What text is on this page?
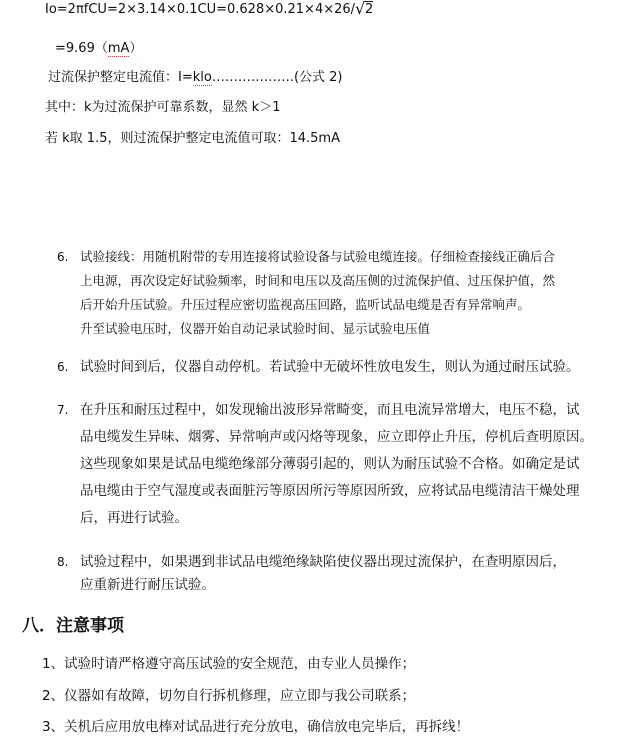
Io=2πfCU=2×3.14×0.1CU=0.628×0.21×4×26/ √ 2
=9.69（mA）
过流保护整定电流值：I=klo……………….(公式 2)
其中：k为过流保护可靠系数，显然 k＞1
若 k取 1.5，则过流保护整定电流值可取：14.5mA
6. 试验接线：用随机附带的专用连接将试验设备与试验电缆连接。仔细检查接线正确后合
上电源，再次设定好试验频率，时间和电压以及高压侧的过流保护值、过压保护值，然
后开始升压试验。升压过程应密切监视高压回路，监听试品电缆是否有异常响声。
升至试验电压时，仪器开始自动记录试验时间、显示试验电压值
6. 试验时间到后，仪器自动停机。若试验中无破坏性放电发生，则认为通过耐压试验。
7. 在升压和耐压过程中，如发现输出波形异常畸变，而且电流异常增大，电压不稳，试
品电缆发生异味、烟雾、异常响声或闪烙等现象，应立即停止升压，停机后查明原因。
这些现象如果是试品电缆绝缘部分薄弱引起的，则认为耐压试验不合格。如确定是试
品电缆由于空气湿度或表面脏污等原因所污等原因所致，应将试品电缆清洁干燥处理
后，再进行试验。
8. 试验过程中，如果遇到非试品电缆绝缘缺陷使仪器出现过流保护，在查明原因后，
应重新进行耐压试验。
八．注意事项
1、试验时请严格遵守高压试验的安全规范，由专业人员操作；
2、仪器如有故障，切勿自行拆机修理，应立即与我公司联系；
3、关机后应用放电棒对试品进行充分放电，确信放电完毕后，再拆线！
